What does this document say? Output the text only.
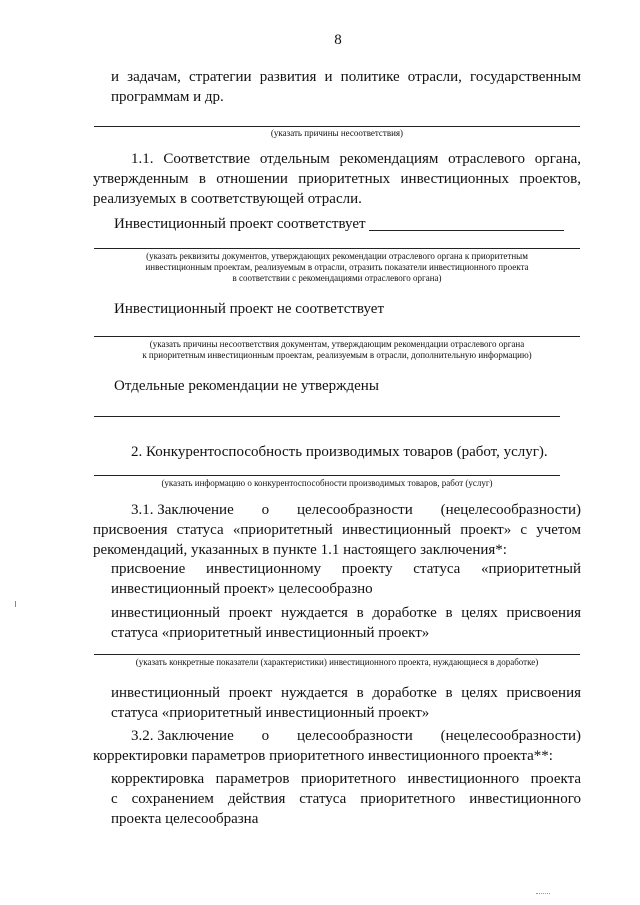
8
и задачам, стратегии развития и политике отрасли, государственным
программам и др.
(указать причины несоответствия)
1.1. Соответствие отдельным рекомендациям отраслевого органа,
утвержденным в отношении приоритетных инвестиционных проектов,
реализуемых в соответствующей отрасли.
Инвестиционный проект соответствует
(указать реквизиты документов, утверждающих рекомендации отраслевого органа к приоритетным
инвестиционным проектам, реализуемым в отрасли, отразить показатели инвестиционного проекта
в соответствии с рекомендациями отраслевого органа)
Инвестиционный проект не соответствует
(указать причины несоответствия документам, утверждающим рекомендации отраслевого органа
к приоритетным инвестиционным проектам, реализуемым в отрасли, дополнительную информацию)
Отдельные рекомендации не утверждены
2. Конкурентоспособность производимых товаров (работ, услуг).
(указать информацию о конкурентоспособности производимых товаров, работ (услуг)
3.1. Заключение о целесообразности (нецелесообразности)
присвоения статуса «приоритетный инвестиционный проект» с учетом
рекомендаций, указанных в пункте 1.1 настоящего заключения*:
присвоение инвестиционному проекту статуса «приоритетный
инвестиционный проект» целесообразно
инвестиционный проект нуждается в доработке в целях присвоения
статуса «приоритетный инвестиционный проект»
(указать конкретные показатели (характеристики) инвестиционного проекта, нуждающиеся в доработке)
инвестиционный проект нуждается в доработке в целях присвоения
статуса «приоритетный инвестиционный проект»
3.2. Заключение о целесообразности (нецелесообразности)
корректировки параметров приоритетного инвестиционного проекта**:
корректировка параметров приоритетного инвестиционного проекта
с сохранением действия статуса приоритетного инвестиционного
проекта целесообразна
